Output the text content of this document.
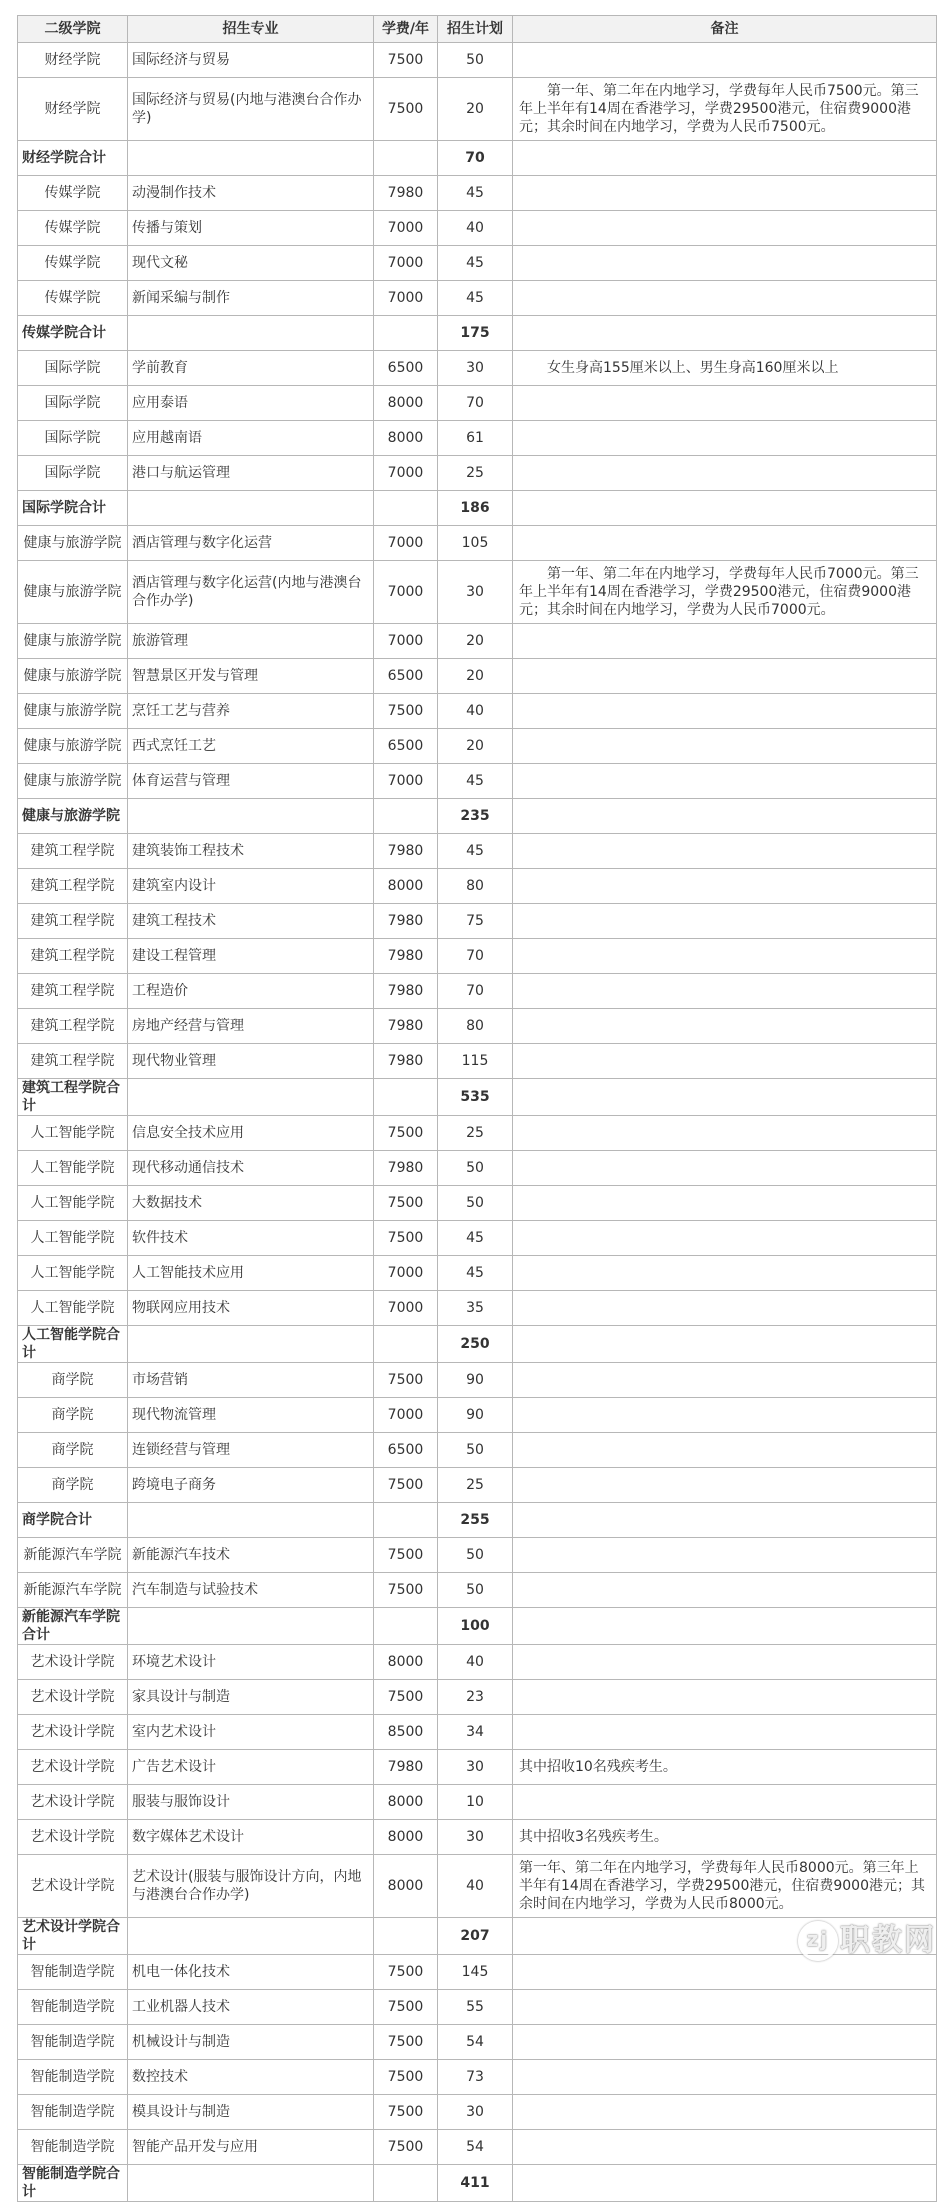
二级学院	招生专业	学费/年	招生计划	备注
财经学院	国际经济与贸易	7500	50	
财经学院	国际经济与贸易(内地与港澳台合作办学)	7500	20	　　第一年、第二年在内地学习，学费每年人民币7500元。第三年上半年有14周在香港学习，学费29500港元，住宿费9000港元；其余时间在内地学习，学费为人民币7500元。
财经学院合计			70	
传媒学院	动漫制作技术	7980	45	
传媒学院	传播与策划	7000	40	
传媒学院	现代文秘	7000	45	
传媒学院	新闻采编与制作	7000	45	
传媒学院合计			175	
国际学院	学前教育	6500	30	　　女生身高155厘米以上、男生身高160厘米以上
国际学院	应用泰语	8000	70	
国际学院	应用越南语	8000	61	
国际学院	港口与航运管理	7000	25	
国际学院合计			186	
健康与旅游学院	酒店管理与数字化运营	7000	105	
健康与旅游学院	酒店管理与数字化运营(内地与港澳台合作办学)	7000	30	　　第一年、第二年在内地学习，学费每年人民币7000元。第三年上半年有14周在香港学习，学费29500港元，住宿费9000港元；其余时间在内地学习，学费为人民币7000元。
健康与旅游学院	旅游管理	7000	20	
健康与旅游学院	智慧景区开发与管理	6500	20	
健康与旅游学院	烹饪工艺与营养	7500	40	
健康与旅游学院	西式烹饪工艺	6500	20	
健康与旅游学院	体育运营与管理	7000	45	
健康与旅游学院			235	
建筑工程学院	建筑装饰工程技术	7980	45	
建筑工程学院	建筑室内设计	8000	80	
建筑工程学院	建筑工程技术	7980	75	
建筑工程学院	建设工程管理	7980	70	
建筑工程学院	工程造价	7980	70	
建筑工程学院	房地产经营与管理	7980	80	
建筑工程学院	现代物业管理	7980	115	
建筑工程学院合计			535	
人工智能学院	信息安全技术应用	7500	25	
人工智能学院	现代移动通信技术	7980	50	
人工智能学院	大数据技术	7500	50	
人工智能学院	软件技术	7500	45	
人工智能学院	人工智能技术应用	7000	45	
人工智能学院	物联网应用技术	7000	35	
人工智能学院合计			250	
商学院	市场营销	7500	90	
商学院	现代物流管理	7000	90	
商学院	连锁经营与管理	6500	50	
商学院	跨境电子商务	7500	25	
商学院合计			255	
新能源汽车学院	新能源汽车技术	7500	50	
新能源汽车学院	汽车制造与试验技术	7500	50	
新能源汽车学院合计			100	
艺术设计学院	环境艺术设计	8000	40	
艺术设计学院	家具设计与制造	7500	23	
艺术设计学院	室内艺术设计	8500	34	
艺术设计学院	广告艺术设计	7980	30	其中招收10名残疾考生。
艺术设计学院	服装与服饰设计	8000	10	
艺术设计学院	数字媒体艺术设计	8000	30	其中招收3名残疾考生。
艺术设计学院	艺术设计(服装与服饰设计方向，内地与港澳台合作办学)	8000	40	第一年、第二年在内地学习，学费每年人民币8000元。第三年上半年有14周在香港学习，学费29500港元，住宿费9000港元；其余时间在内地学习，学费为人民币8000元。
艺术设计学院合计			207	
智能制造学院	机电一体化技术	7500	145	
智能制造学院	工业机器人技术	7500	55	
智能制造学院	机械设计与制造	7500	54	
智能制造学院	数控技术	7500	73	
智能制造学院	模具设计与制造	7500	30	
智能制造学院	智能产品开发与应用	7500	54	
智能制造学院合计			411	
zj 职教网
